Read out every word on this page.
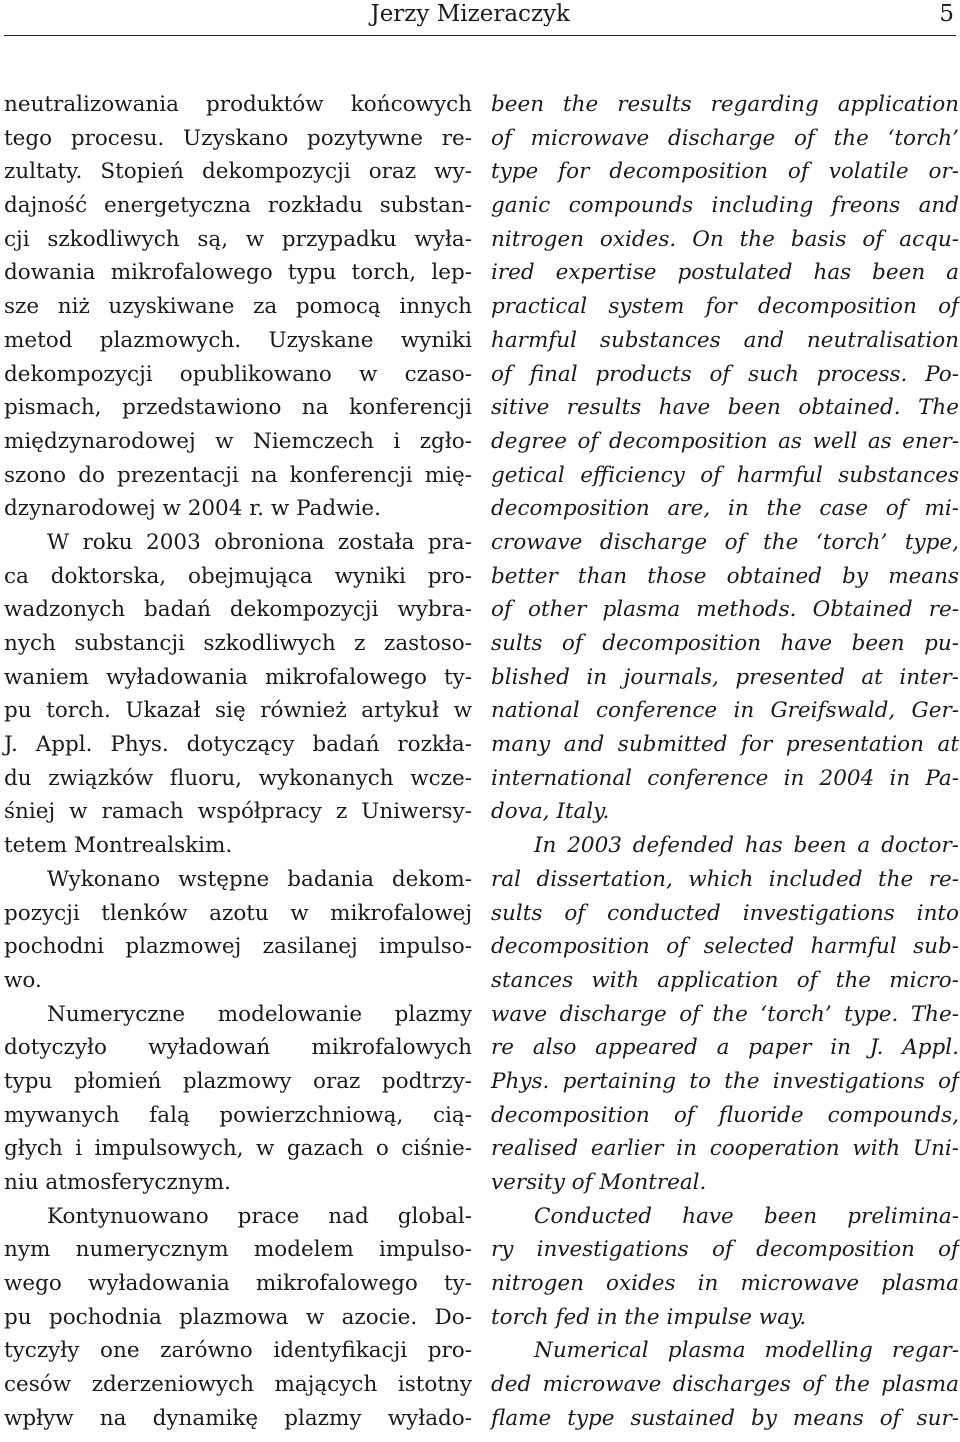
Jerzy Mizeraczyk	5
neutralizowania produktów końcowych
tego procesu. Uzyskano pozytywne re-
zultaty. Stopień dekompozycji oraz wy-
dajność energetyczna rozkładu substan-
cji szkodliwych są, w przypadku wyła-
dowania mikrofalowego typu torch, lep-
sze niż uzyskiwane za pomocą innych
metod plazmowych. Uzyskane wyniki
dekompozycji opublikowano w czaso-
pismach, przedstawiono na konferencji
międzynarodowej w Niemczech i zgło-
szono do prezentacji na konferencji mię-
dzynarodowej w 2004 r. w Padwie.
W roku 2003 obroniona została pra-
ca doktorska, obejmująca wyniki pro-
wadzonych badań dekompozycji wybra-
nych substancji szkodliwych z zastoso-
waniem wyładowania mikrofalowego ty-
pu torch. Ukazał się również artykuł w
J. Appl. Phys. dotyczący badań rozkła-
du związków fluoru, wykonanych wcze-
śniej w ramach współpracy z Uniwersy-
tetem Montrealskim.
Wykonano wstępne badania dekom-
pozycji tlenków azotu w mikrofalowej
pochodni plazmowej zasilanej impulso-
wo.
Numeryczne modelowanie plazmy
dotyczyło wyładowań mikrofalowych
typu płomień plazmowy oraz podtrzy-
mywanych falą powierzchniową, cią-
głych i impulsowych, w gazach o ciśnie-
niu atmosferycznym.
Kontynuowano prace nad global-
nym numerycznym modelem impulso-
wego wyładowania mikrofalowego ty-
pu pochodnia plazmowa w azocie. Do-
tyczyły one zarówno identyfikacji pro-
cesów zderzeniowych mających istotny
wpływ na dynamikę plazmy wyłado-
been the results regarding application
of microwave discharge of the ‘torch’
type for decomposition of volatile or-
ganic compounds including freons and
nitrogen oxides. On the basis of acqu-
ired expertise postulated has been a
practical system for decomposition of
harmful substances and neutralisation
of final products of such process. Po-
sitive results have been obtained. The
degree of decomposition as well as ener-
getical efficiency of harmful substances
decomposition are, in the case of mi-
crowave discharge of the ‘torch’ type,
better than those obtained by means
of other plasma methods. Obtained re-
sults of decomposition have been pu-
blished in journals, presented at inter-
national conference in Greifswald, Ger-
many and submitted for presentation at
international conference in 2004 in Pa-
dova, Italy.
In 2003 defended has been a doctor-
ral dissertation, which included the re-
sults of conducted investigations into
decomposition of selected harmful sub-
stances with application of the micro-
wave discharge of the ‘torch’ type. The-
re also appeared a paper in J. Appl.
Phys. pertaining to the investigations of
decomposition of fluoride compounds,
realised earlier in cooperation with Uni-
versity of Montreal.
Conducted have been prelimina-
ry investigations of decomposition of
nitrogen oxides in microwave plasma
torch fed in the impulse way.
Numerical plasma modelling regar-
ded microwave discharges of the plasma
flame type sustained by means of sur-
